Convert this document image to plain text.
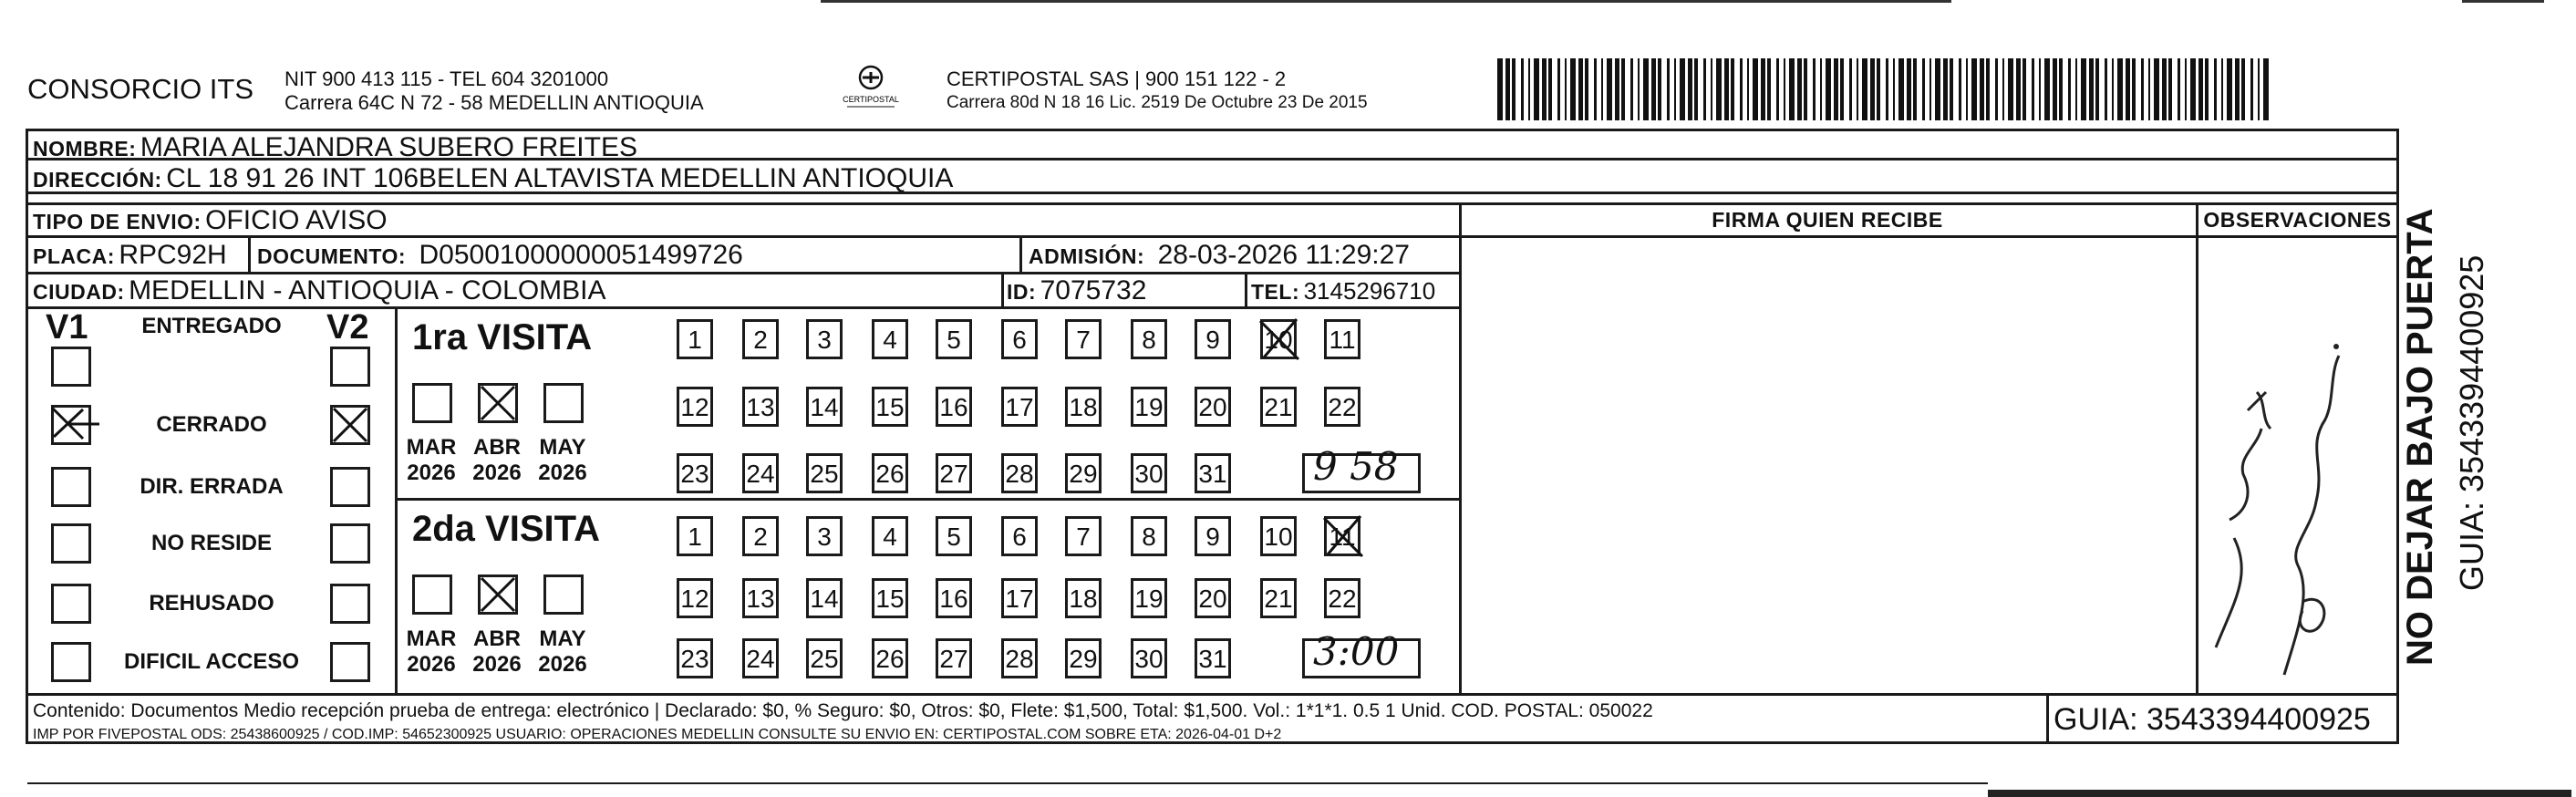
CONSORCIO ITS NIT 900 413 115 - TEL 604 3201000
Carrera 64C N 72 - 58 MEDELLIN ANTIOQUIA	CERTIPOSTAL
CERTIPOSTAL SAS | 900 151 122 - 2
Carrera 80d N 18 16 Lic. 2519 De Octubre 23 De 2015
NOMBRE: MARIA ALEJANDRA SUBERO FREITES
DIRECCIÓN: CL 18 91 26 INT 106BELEN ALTAVISTA MEDELLIN ANTIOQUIA
TIPO DE ENVIO: OFICIO AVISO	FIRMA QUIEN RECIBE	OBSERVACIONES
PLACA: RPC92H DOCUMENTO: D05001000000051499726	ADMISIÓN: 28-03-2026 11:29:27
CIUDAD: MEDELLIN - ANTIOQUIA - COLOMBIA	ID: 7075732	TEL: 3145296710
V1	V2
ENTREGADO
CERRADO
DIR. ERRADA
NO RESIDE
REHUSADO
DIFICIL ACCESO
1ra VISITA
2da VISITA
MAR
2026
ABR
2026
MAY
2026
1	2	3	4	5	6	7	8	9	10 11
12 13 14 15 16 17 18 19 20 21 22
23 24 25 26 27 28 29 30 31 9 58
MAR
2026
ABR
2026
MAY
2026
1	2	3	4	5	6	7	8	9	10 11
12 13 14 15 16 17 18 19 20 21 22
23 24 25 26 27 28 29 30 31 3:00	NO DEJAR BAJO PUERTA GUIA: 3543394400925
Contenido: Documentos Medio recepción prueba de entrega: electrónico | Declarado: $0, % Seguro: $0, Otros: $0, Flete: $1,500, Total: $1,500. Vol.: 1*1*1. 0.5 1 Unid. COD. POSTAL: 050022
IMP POR FIVEPOSTAL ODS: 25438600925 / COD.IMP: 54652300925 USUARIO: OPERACIONES MEDELLIN CONSULTE SU ENVIO EN: CERTIPOSTAL.COM SOBRE ETA: 2026-04-01 D+2	GUIA: 3543394400925
